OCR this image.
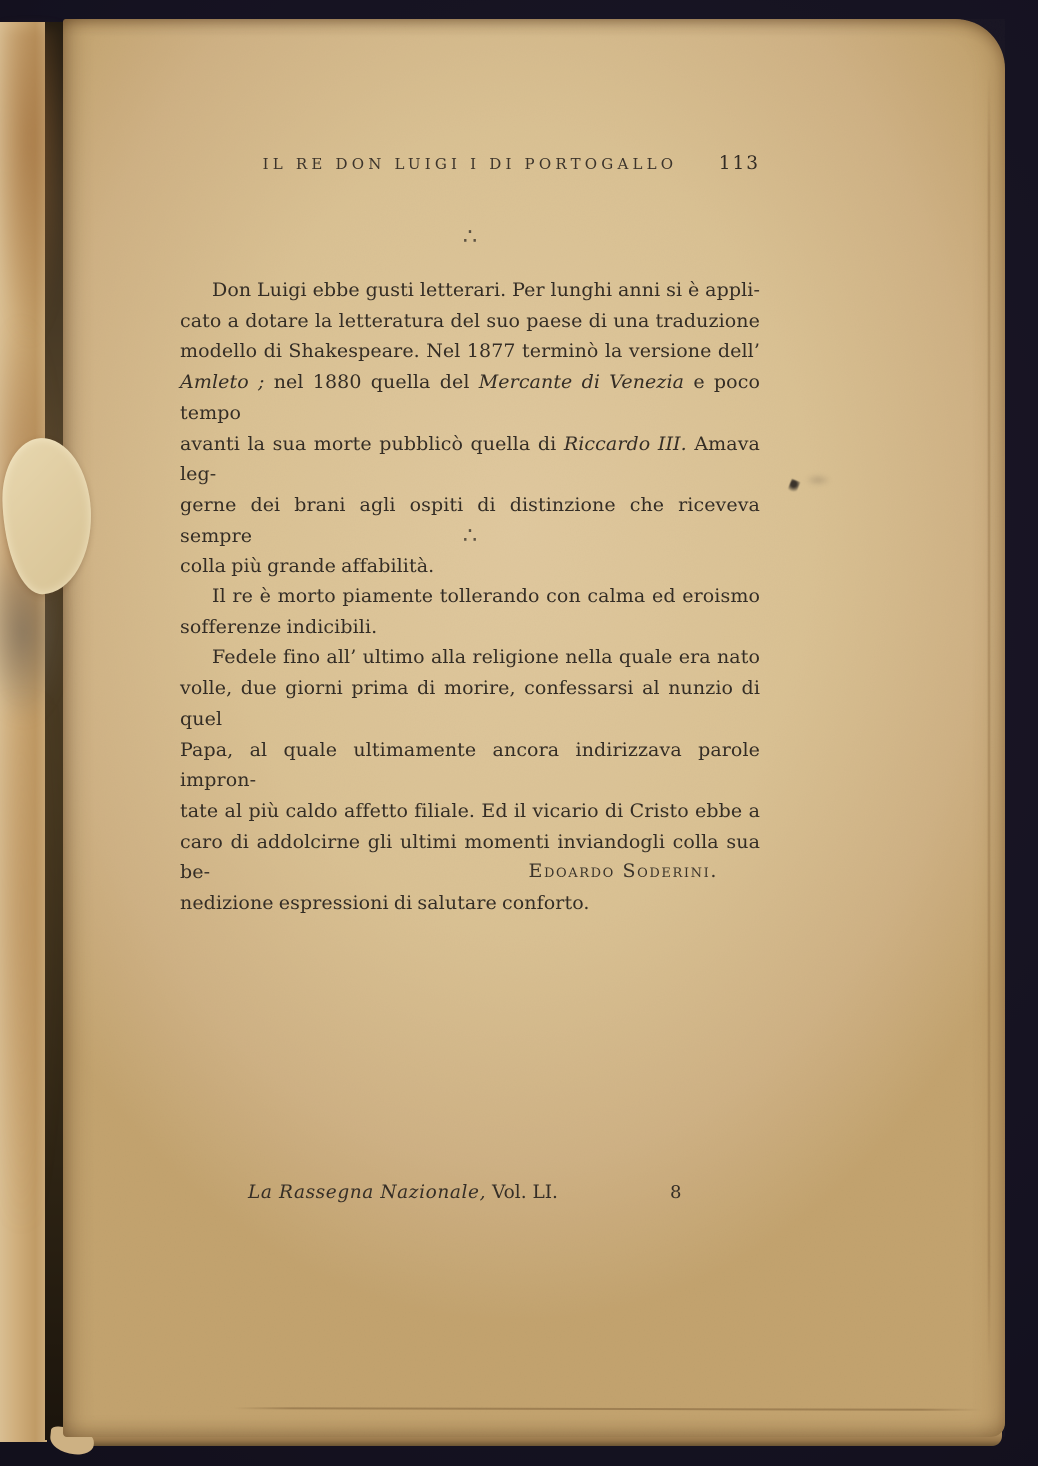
IL RE DON LUIGI I DI PORTOGALLO	113
∴
Don Luigi ebbe gusti letterari. Per lunghi anni si è appli-
cato a dotare la letteratura del suo paese di una traduzione
modello di Shakespeare. Nel 1877 terminò la versione dell’
Amleto ; nel 1880 quella del Mercante di Venezia e poco tempo
avanti la sua morte pubblicò quella di Riccardo III. Amava leg-
gerne dei brani agli ospiti di distinzione che riceveva sempre
colla più grande affabilità.
∴
Il re è morto piamente tollerando con calma ed eroismo
sofferenze indicibili.
Fedele fino all’ ultimo alla religione nella quale era nato
volle, due giorni prima di morire, confessarsi al nunzio di quel
Papa, al quale ultimamente ancora indirizzava parole impron-
tate al più caldo affetto filiale. Ed il vicario di Cristo ebbe a
caro di addolcirne gli ultimi momenti inviandogli colla sua be-
nedizione espressioni di salutare conforto.
Edoardo Soderini.
La Rassegna Nazionale, Vol. LI.	8
